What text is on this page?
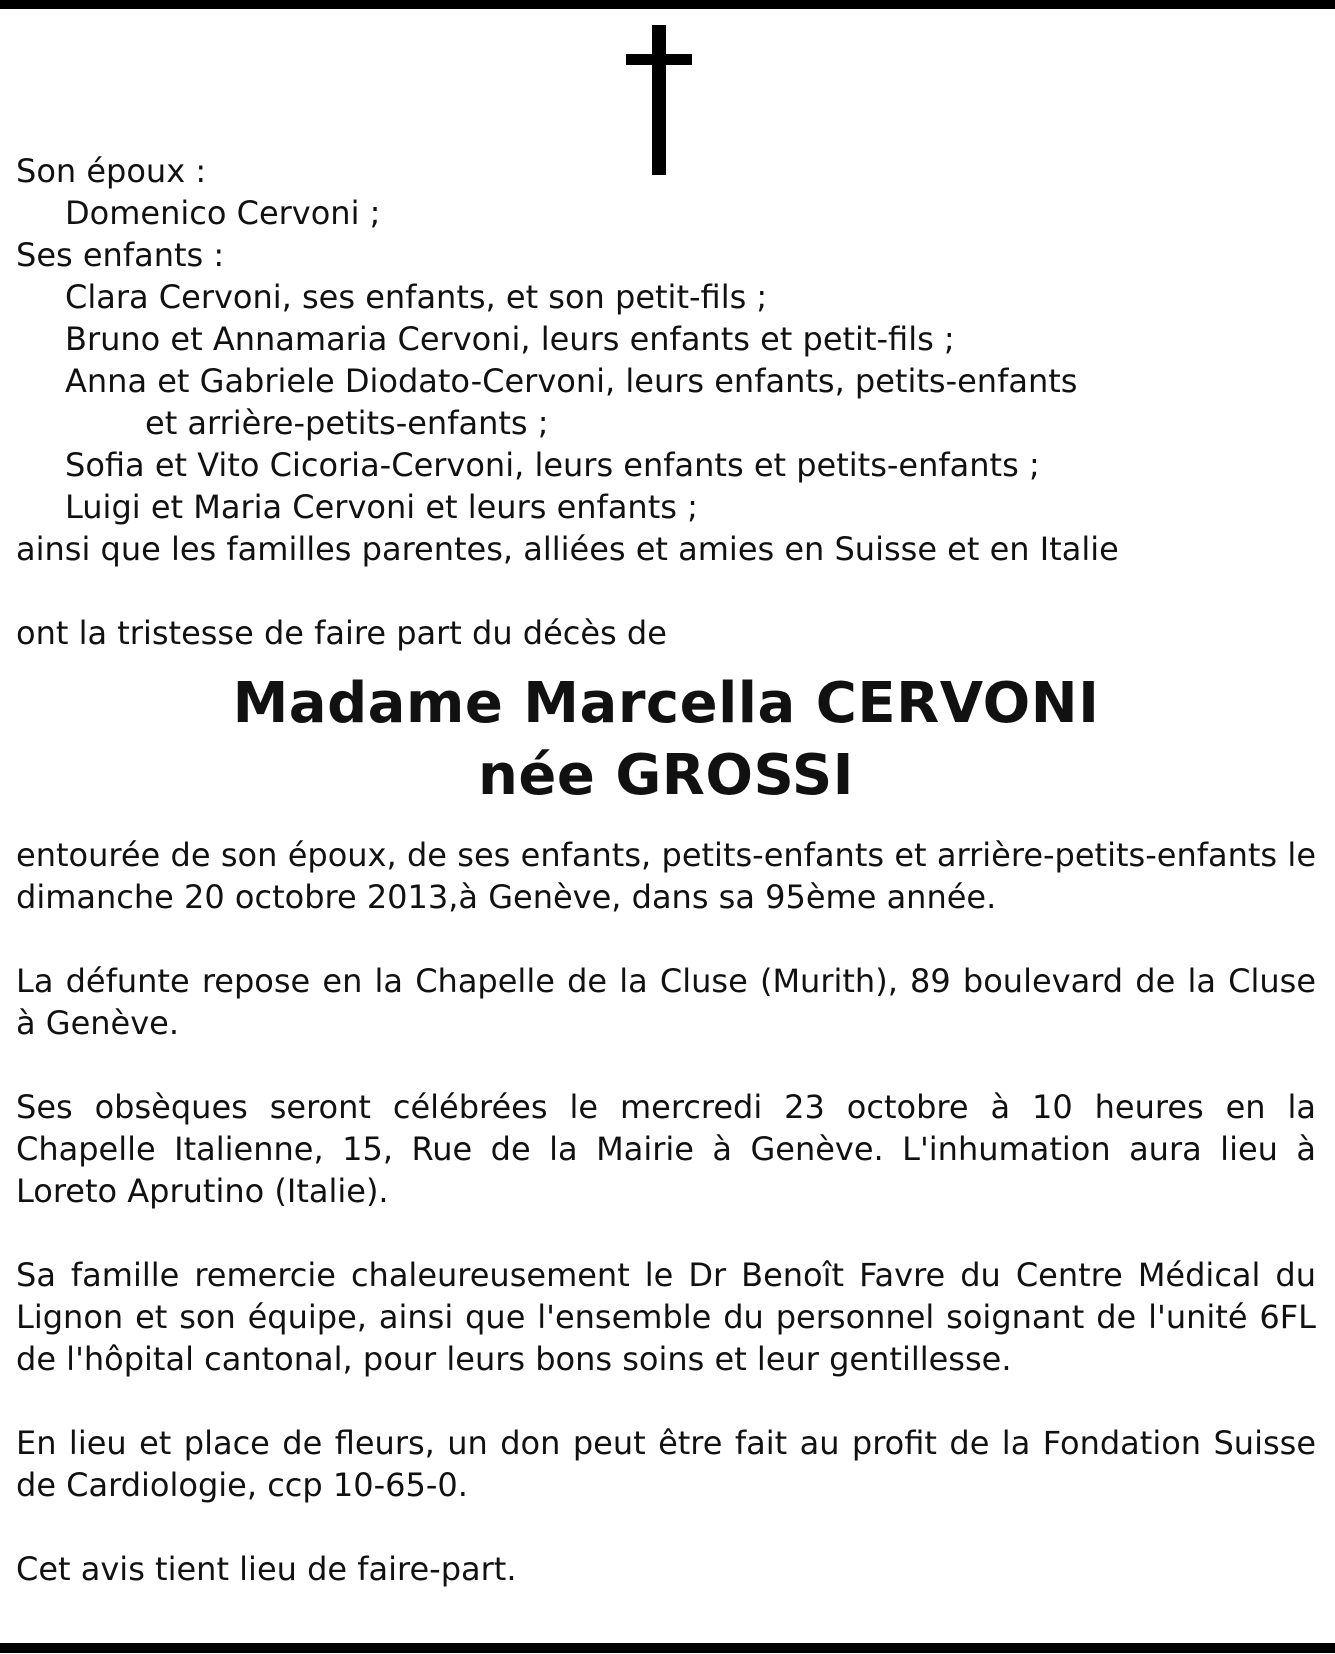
Son époux :
Domenico Cervoni ;
Ses enfants :
Clara Cervoni, ses enfants, et son petit-fils ;
Bruno et Annamaria Cervoni, leurs enfants et petit-fils ;
Anna et Gabriele Diodato-Cervoni, leurs enfants, petits-enfants
et arrière-petits-enfants ;
Sofia et Vito Cicoria-Cervoni, leurs enfants et petits-enfants ;
Luigi et Maria Cervoni et leurs enfants ;
ainsi que les familles parentes, alliées et amies en Suisse et en Italie
ont la tristesse de faire part du décès de
Madame Marcella CERVONI
née GROSSI
entourée de son époux, de ses enfants, petits-enfants et arrière-petits-enfants le dimanche 20 octobre 2013,à Genève, dans sa 95ème année.
La défunte repose en la Chapelle de la Cluse (Murith), 89 boulevard de la Cluse à Genève.
Ses obsèques seront célébrées le mercredi 23 octobre à 10 heures en la Chapelle Italienne, 15, Rue de la Mairie à Genève. L'inhumation aura lieu à Loreto Aprutino (Italie).
Sa famille remercie chaleureusement le Dr Benoît Favre du Centre Médical du Lignon et son équipe, ainsi que l'ensemble du personnel soignant de l'unité 6FL de l'hôpital cantonal, pour leurs bons soins et leur gentillesse.
En lieu et place de fleurs, un don peut être fait au profit de la Fondation Suisse de Cardiologie, ccp 10-65-0.
Cet avis tient lieu de faire-part.
